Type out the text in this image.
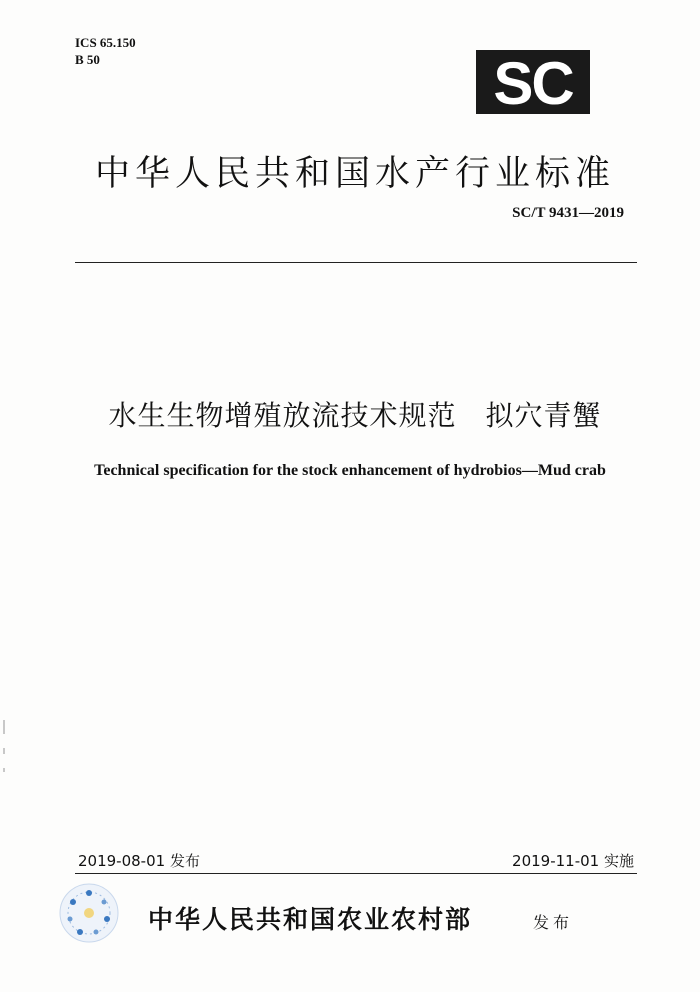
ICS 65.150
B 50	SC
中华人民共和国水产行业标准
SC/T 9431—2019
水生生物增殖放流技术规范　拟穴青蟹
Technical specification for the stock enhancement of hydrobios—Mud crab
2019-08-01 发布	2019-11-01 实施
中华人民共和国农业农村部	发布
